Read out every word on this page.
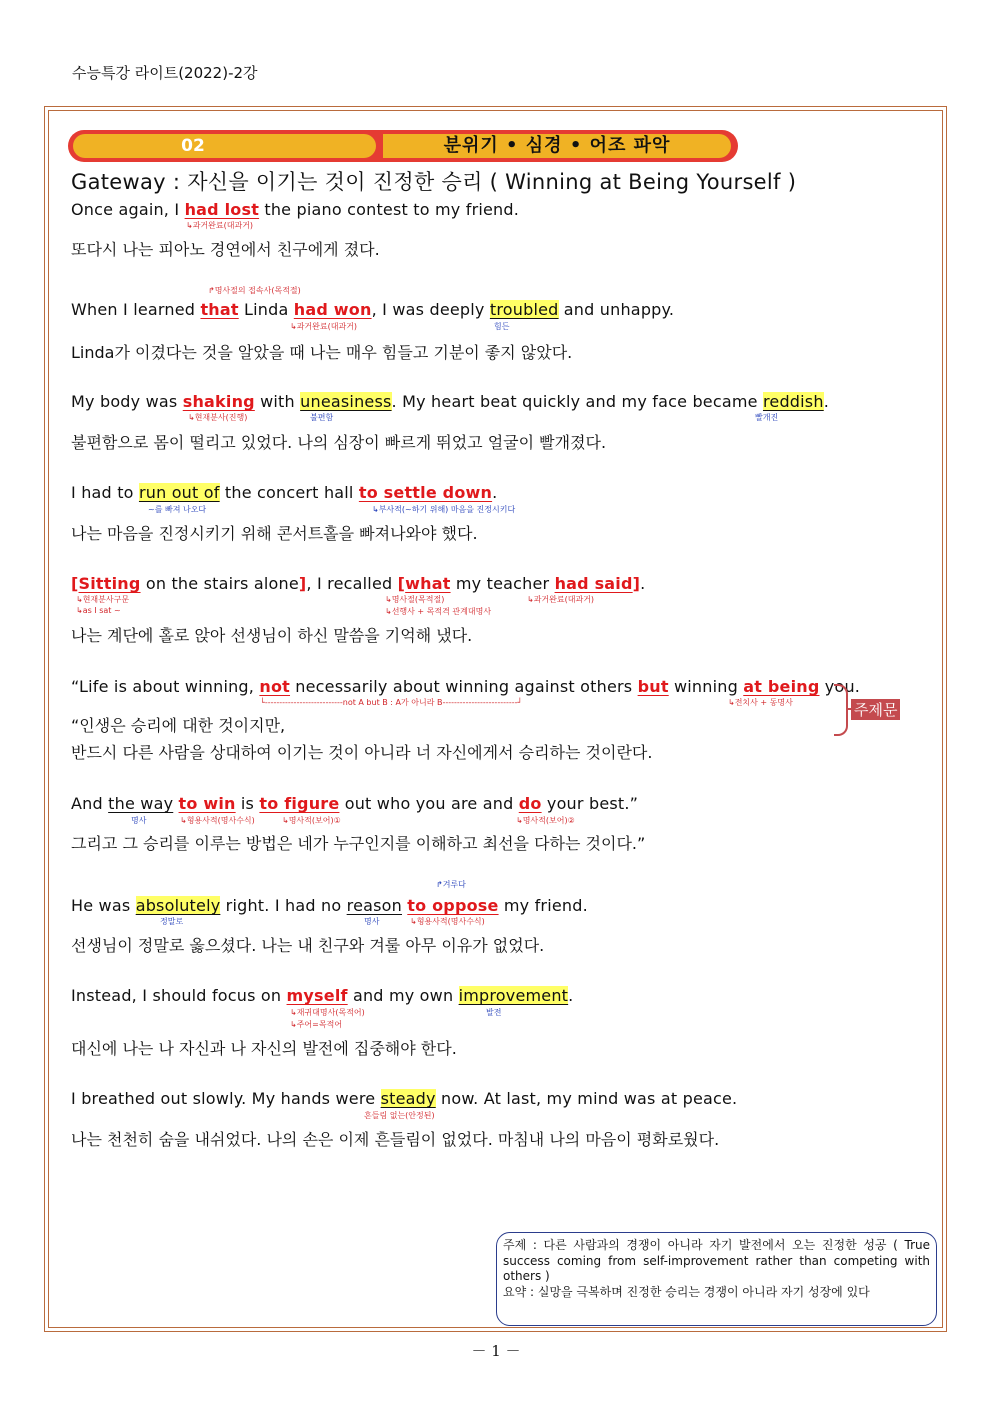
수능특강 라이트(2022)-2강
02	분위기 • 심경 • 어조 파악
Gateway : 자신을 이기는 것이 진정한 승리 ( Winning at Being Yourself )
Once again, I had lost the piano contest to my friend.
↳과거완료(대과거)
또다시 나는 피아노 경연에서 친구에게 졌다.
↱명사절의 접속사(목적절)
When I learned that Linda had won, I was deeply troubled and unhappy.
↳과거완료(대과거)	힘든
Linda가 이겼다는 것을 알았을 때 나는 매우 힘들고 기분이 좋지 않았다.
My body was shaking with uneasiness. My heart beat quickly and my face became reddish.
↳현재분사(진행)	불편함	빨개진
불편함으로 몸이 떨리고 있었다. 나의 심장이 빠르게 뛰었고 얼굴이 빨개졌다.
I had to run out of the concert hall to settle down.
~를 빠져 나오다	↳부사적(~하기 위해) 마음을 진정시키다
나는 마음을 진정시키기 위해 콘서트홀을 빠져나와야 했다.
[Sitting on the stairs alone], I recalled [what my teacher had said].
↳현재분사구문
↳as I sat ~
↳명사절(목적절)
↳선행사 + 목적격 관계대명사
↳과거완료(대과거)
나는 계단에 홀로 앉아 선생님이 하신 말씀을 기억해 냈다.
“Life is about winning, not necessarily about winning against others but winning at being you.
└---------------------------not A but B : A가 아니라 B--------------------------┘	↳전치사 + 동명사
“인생은 승리에 대한 것이지만,
반드시 다른 사람을 상대하여 이기는 것이 아니라 너 자신에게서 승리하는 것이란다.
주제문
And the way to win is to figure out who you are and do your best.”
명사	↳형용사적(명사수식)	↳명사적(보어)①	↳명사적(보어)②
그리고 그 승리를 이루는 방법은 네가 누구인지를 이해하고 최선을 다하는 것이다.”
↱겨루다
He was absolutely right. I had no reason to oppose my friend.
정말로	명사	↳형용사적(명사수식)
선생님이 정말로 옳으셨다. 나는 내 친구와 겨룰 아무 이유가 없었다.
Instead, I should focus on myself and my own improvement.
↳재귀대명사(목적어)
↳주어=목적어
발전
대신에 나는 나 자신과 나 자신의 발전에 집중해야 한다.
I breathed out slowly. My hands were steady now. At last, my mind was at peace.
흔들림 없는(안정된)
나는 천천히 숨을 내쉬었다. 나의 손은 이제 흔들림이 없었다. 마침내 나의 마음이 평화로웠다.
주제 : 다른 사람과의 경쟁이 아니라 자기 발전에서 오는 진정한 성공 ( True success coming from self-improvement rather than competing with others )
요약 : 실망을 극복하며 진정한 승리는 경쟁이 아니라 자기 성장에 있다
－ 1 －
